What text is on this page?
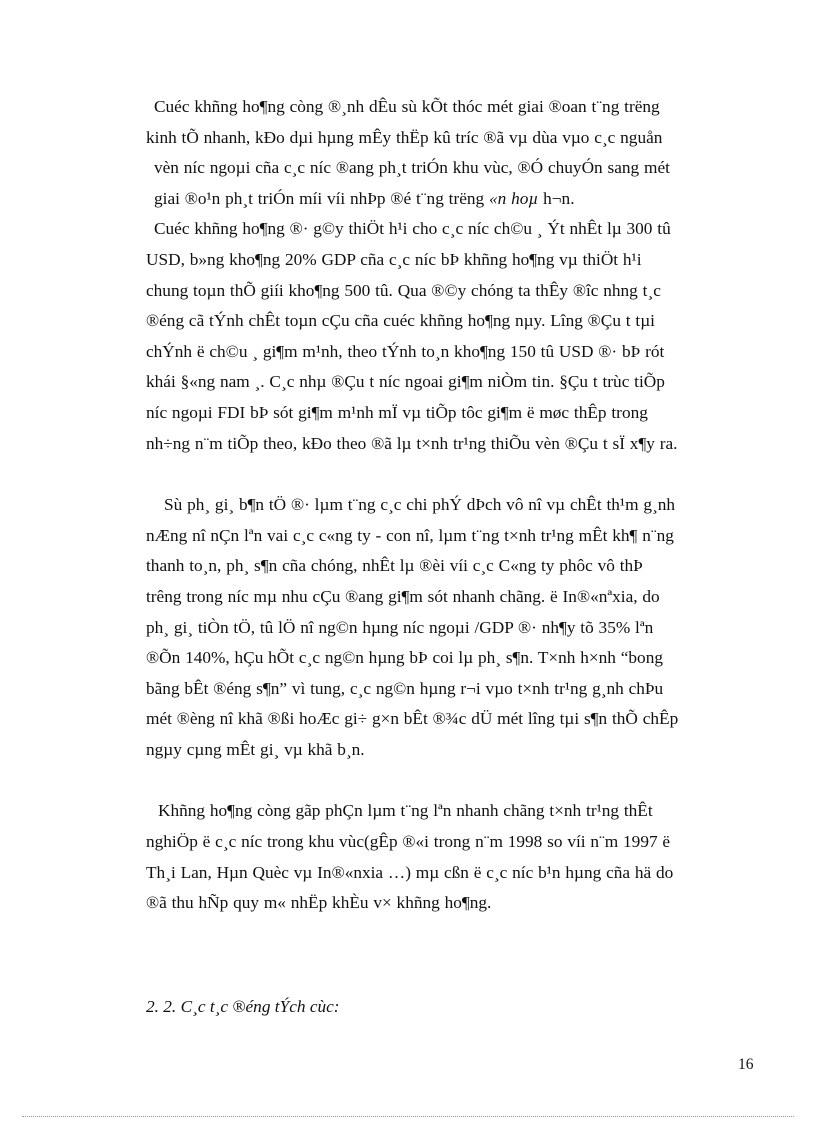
Cuéc khñng ho¶ng còng ®¸nh dÊu sù kÕt thóc mét giai ®oan t¨ng trëng
kinh tÕ nhanh, kÐo dµi hµng mÊy thËp kû tríc ®ã vµ dùa vµo c¸c nguån
vèn níc ngoµi cña c¸c níc ®ang ph¸t triÓn khu vùc, ®Ó chuyÓn sang mét
giai ®o¹n ph¸t triÓn míi víi nhÞp ®é t¨ng trëng «n hoµ h¬n.

Cuéc khñng ho¶ng ®· g©y thiÖt h¹i cho c¸c níc ch©u ¸ Ýt nhÊt lµ 300 tû
USD, b»ng kho¶ng 20% GDP cña c¸c níc bÞ khñng ho¶ng vµ thiÖt h¹i
chung toµn thÕ giíi kho¶ng 500 tû. Qua ®©y chóng ta thÊy ®îc nhng t¸c
®éng cã tÝnh chÊt toµn cÇu cña cuéc khñng ho¶ng nµy. Lîng ®Çu t tµi
chÝnh ë ch©u ¸ gi¶m m¹nh, theo tÝnh to¸n kho¶ng 150 tû USD ®· bÞ rót
khái §«ng nam ¸. C¸c nhµ ®Çu t níc ngoai gi¶m niÒm tin. §Çu t trùc tiÕp
níc ngoµi FDI bÞ sót gi¶m m¹nh mÏ vµ tiÕp tôc gi¶m ë møc thÊp trong
nh÷ng n¨m tiÕp theo, kÐo theo ®ã lµ t×nh tr¹ng thiÕu vèn ®Çu t sÏ x¶y ra.

Sù ph¸ gi¸ b¶n tÖ ®· lµm t¨ng c¸c chi phÝ dÞch vô nî vµ chÊt th¹m g¸nh
nÆng nî nÇn lªn vai c¸c c«ng ty - con nî, lµm t¨ng t×nh tr¹ng mÊt kh¶ n¨ng
thanh to¸n, ph¸ s¶n cña chóng, nhÊt lµ ®èi víi c¸c C«ng ty phôc vô thÞ
trêng trong níc mµ nhu cÇu ®ang gi¶m sót nhanh chãng. ë In®«nªxia, do
ph¸ gi¸ tiÒn tÖ, tû lÖ nî ng©n hµng níc ngoµi /GDP ®· nh¶y tõ 35% lªn
®Õn 140%, hÇu hÕt c¸c ng©n hµng bÞ coi lµ ph¸ s¶n. T×nh h×nh “bong
bãng bÊt ®éng s¶n” vì tung, c¸c ng©n hµng r¬i vµo t×nh tr¹ng g¸nh chÞu
mét ®èng nî khã ®ßi hoÆc gi÷ g×n bÊt ®¾c dÜ mét lîng tµi s¶n thÕ chÊp
ngµy cµng mÊt gi¸ vµ khã b¸n.

Khñng ho¶ng còng gãp phÇn lµm t¨ng lªn nhanh chãng t×nh tr¹ng thÊt
nghiÖp ë c¸c níc trong khu vùc(gÊp ®«i trong n¨m 1998 so víi n¨m 1997 ë
Th¸i Lan, Hµn Quèc vµ In®«nxia …) mµ cßn ë c¸c níc b¹n hµng cña hä do
®ã thu hÑp quy m« nhËp khÈu v× khñng ho¶ng.

2. 2. C¸c t¸c ®éng tÝch cùc:
16
